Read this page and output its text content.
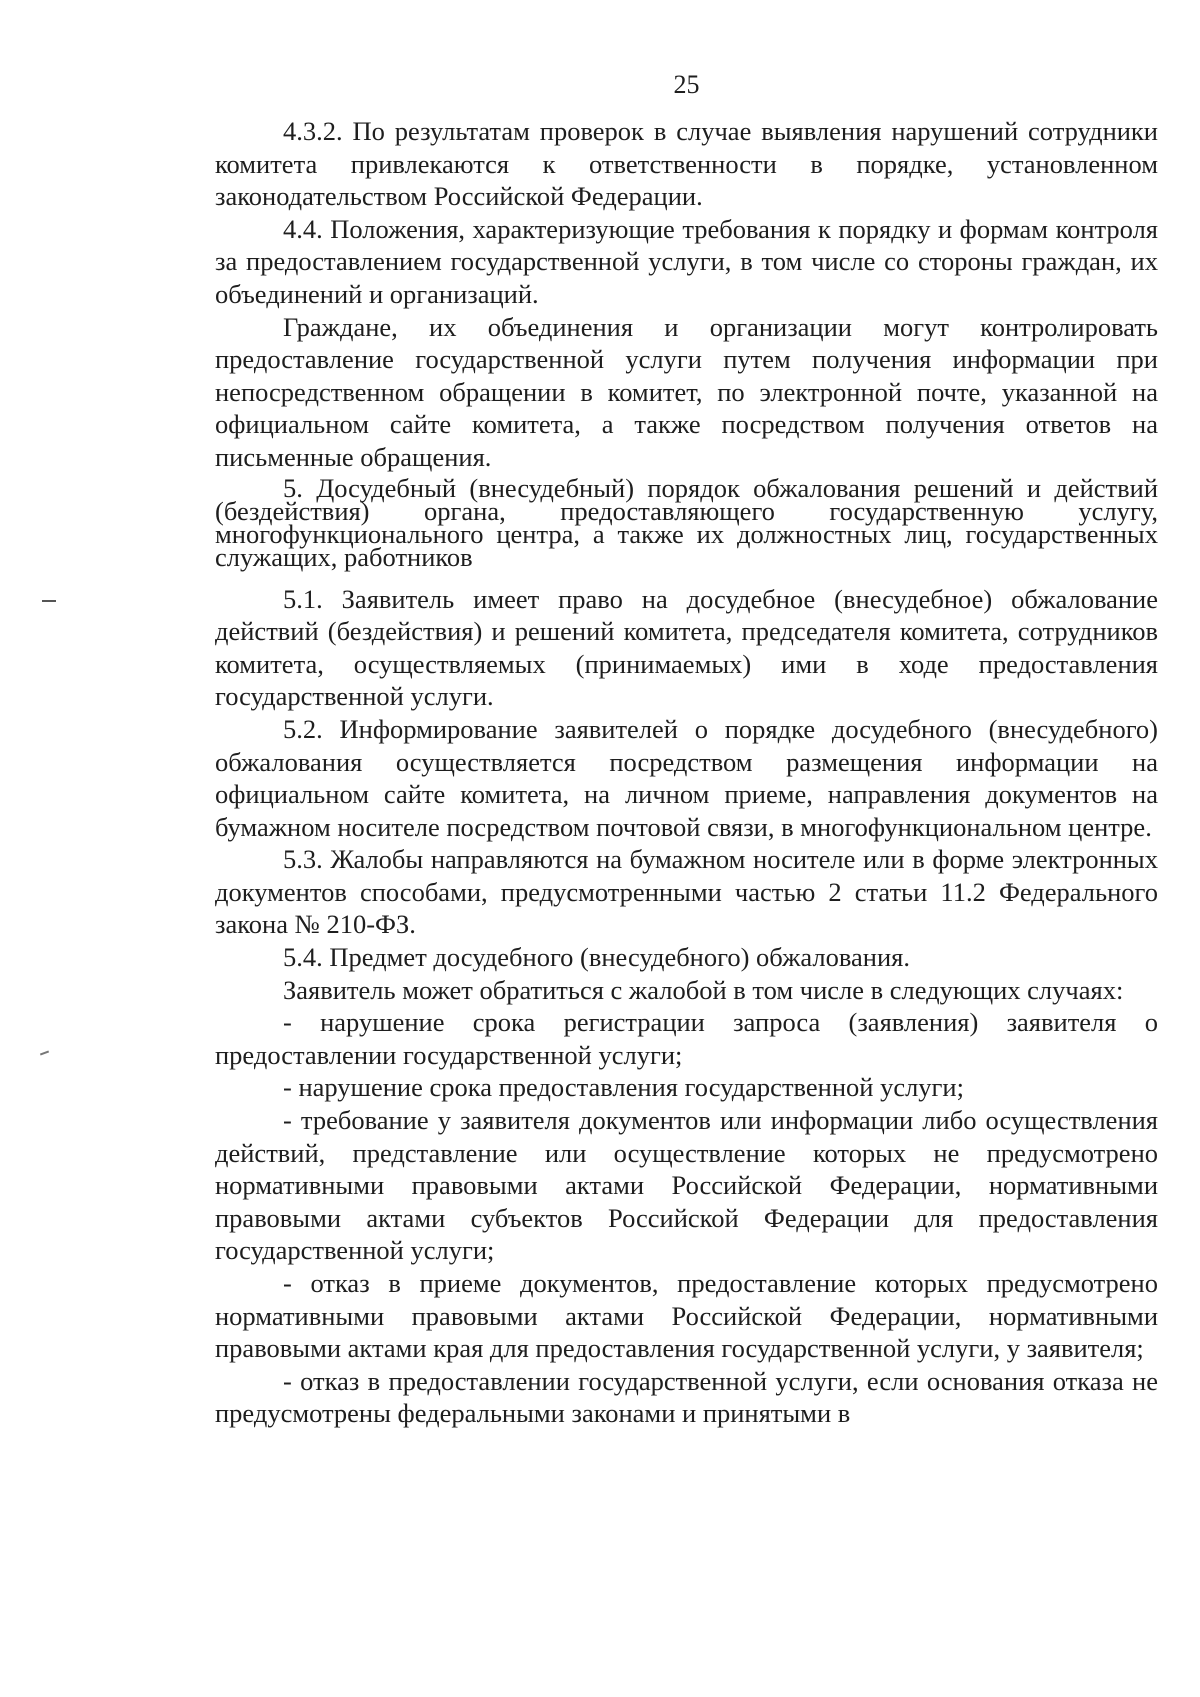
25

4.3.2. По результатам проверок в случае выявления нарушений сотрудники комитета привлекаются к ответственности в порядке, установленном законодательством Российской Федерации.

4.4. Положения, характеризующие требования к порядку и формам контроля за предоставлением государственной услуги, в том числе со стороны граждан, их объединений и организаций.

Граждане, их объединения и организации могут контролировать предоставление государственной услуги путем получения информации при непосредственном обращении в комитет, по электронной почте, указанной на официальном сайте комитета, а также посредством получения ответов на письменные обращения.

5. Досудебный (внесудебный) порядок обжалования решений и действий (бездействия) органа, предоставляющего государственную услугу, многофункционального центра, а также их должностных лиц, государственных служащих, работников

5.1. Заявитель имеет право на досудебное (внесудебное) обжалование действий (бездействия) и решений комитета, председателя комитета, сотрудников комитета, осуществляемых (принимаемых) ими в ходе предоставления государственной услуги.

5.2. Информирование заявителей о порядке досудебного (внесудебного) обжалования осуществляется посредством размещения информации на официальном сайте комитета, на личном приеме, направления документов на бумажном носителе посредством почтовой связи, в многофункциональном центре.

5.3. Жалобы направляются на бумажном носителе или в форме электронных документов способами, предусмотренными частью 2 статьи 11.2 Федерального закона № 210-ФЗ.

5.4. Предмет досудебного (внесудебного) обжалования.

Заявитель может обратиться с жалобой в том числе в следующих случаях:

- нарушение срока регистрации запроса (заявления) заявителя о предоставлении государственной услуги;

- нарушение срока предоставления государственной услуги;

- требование у заявителя документов или информации либо осуществления действий, представление или осуществление которых не предусмотрено нормативными правовыми актами Российской Федерации, нормативными правовыми актами субъектов Российской Федерации для предоставления государственной услуги;

- отказ в приеме документов, предоставление которых предусмотрено нормативными правовыми актами Российской Федерации, нормативными правовыми актами края для предоставления государственной услуги, у заявителя;

- отказ в предоставлении государственной услуги, если основания отказа не предусмотрены федеральными законами и принятыми в
